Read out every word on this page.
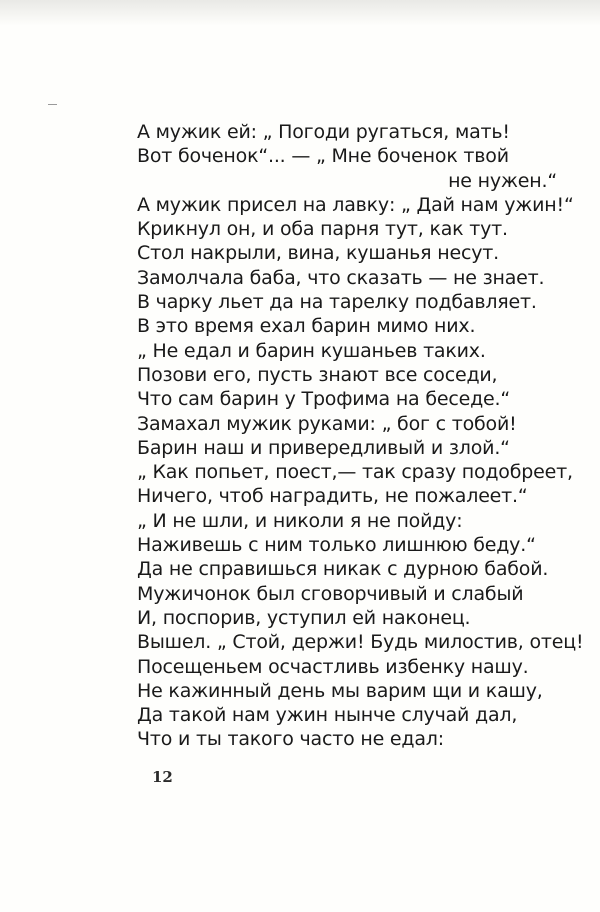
А мужик ей: „ Погоди ругаться, мать!
Вот боченок“... — „ Мне боченок твой
не нужен.“
А мужик присел на лавку: „ Дай нам ужин!“
Крикнул он, и оба парня тут, как тут.
Стол накрыли, вина, кушанья несут.
Замолчала баба, что сказать — не знает.
В чарку льет да на тарелку подбавляет.
В это время ехал барин мимо них.
„ Не едал и барин кушаньев таких.
Позови его, пусть знают все соседи,
Что сам барин у Трофима на беседе.“
Замахал мужик руками: „ бог с тобой!
Барин наш и привередливый и злой.“
„ Как попьет, поест,— так сразу подобреет,
Ничего, чтоб наградить, не пожалеет.“
„ И не шли, и николи я не пойду:
Наживешь с ним только лишнюю беду.“
Да не справишься никак с дурною бабой.
Мужичонок был сговорчивый и слабый
И, поспорив, уступил ей наконец.
Вышел. „ Стой, держи! Будь милостив, отец!
Посещеньем осчастливь избенку нашу.
Не кажинный день мы варим щи и кашу,
Да такой нам ужин нынче случай дал,
Что и ты такого часто не едал:
12
